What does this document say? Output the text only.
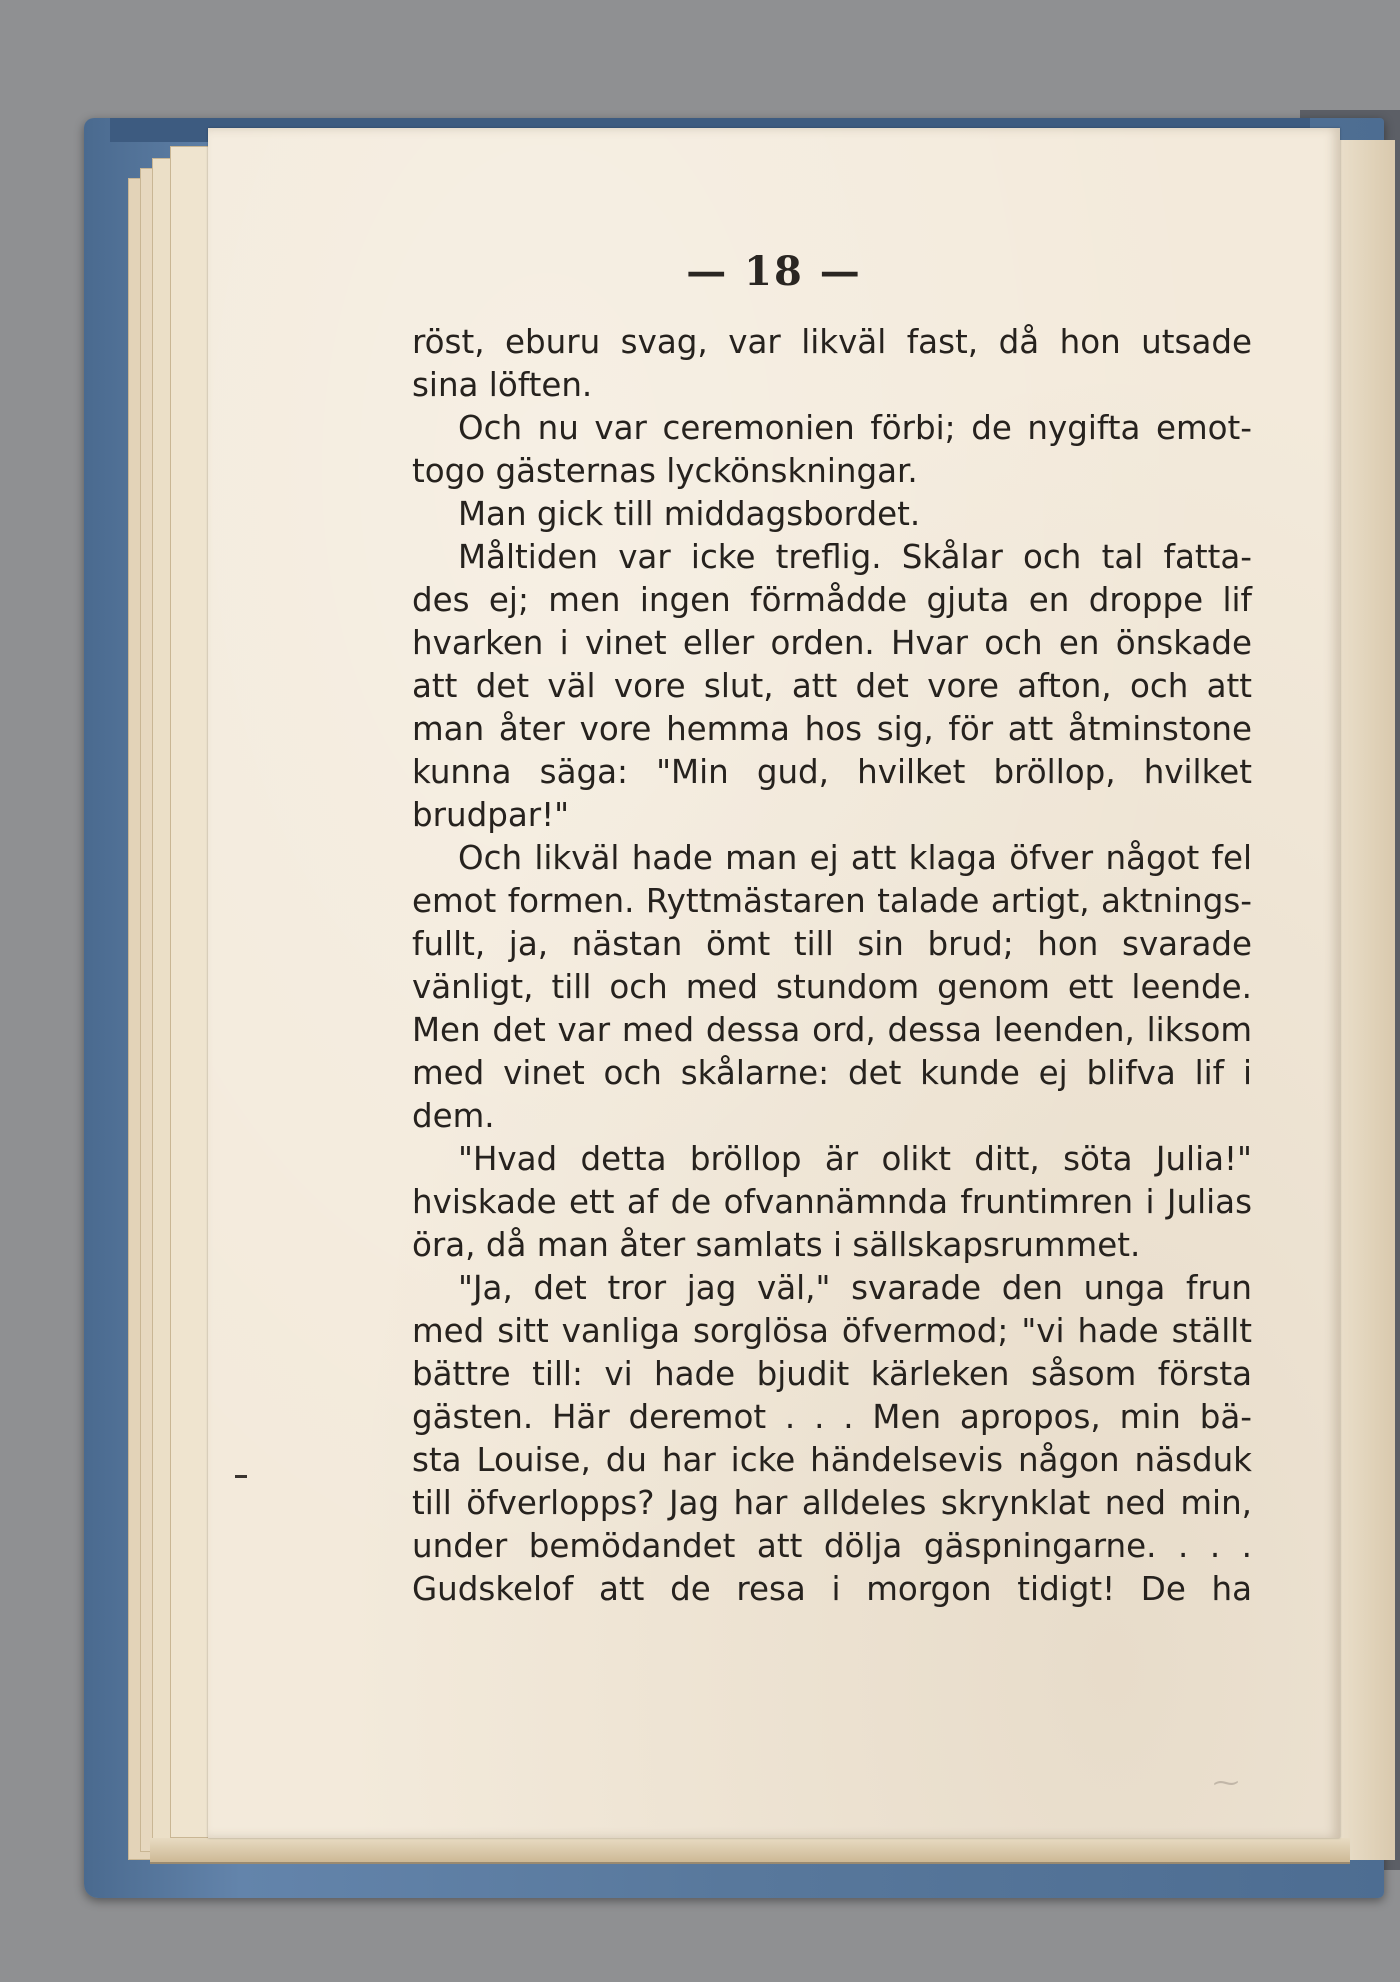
— 18 —
röst, eburu svag, var likväl fast, då hon utsade
sina löften.
Och nu var ceremonien förbi; de nygifta emot-
togo gästernas lyckönskningar.
Man gick till middagsbordet.
Måltiden var icke treflig. Skålar och tal fatta-
des ej; men ingen förmådde gjuta en droppe lif
hvarken i vinet eller orden. Hvar och en önskade
att det väl vore slut, att det vore afton, och att
man åter vore hemma hos sig, för att åtminstone
kunna säga: "Min gud, hvilket bröllop, hvilket
brudpar!"
Och likväl hade man ej att klaga öfver något fel
emot formen. Ryttmästaren talade artigt, aktnings-
fullt, ja, nästan ömt till sin brud; hon svarade
vänligt, till och med stundom genom ett leende.
Men det var med dessa ord, dessa leenden, liksom
med vinet och skålarne: det kunde ej blifva lif i
dem.
"Hvad detta bröllop är olikt ditt, söta Julia!"
hviskade ett af de ofvannämnda fruntimren i Julias
öra, då man åter samlats i sällskapsrummet.
"Ja, det tror jag väl," svarade den unga frun
med sitt vanliga sorglösa öfvermod; "vi hade ställt
bättre till: vi hade bjudit kärleken såsom första
gästen. Här deremot . . . Men apropos, min bä-
sta Louise, du har icke händelsevis någon näsduk
till öfverlopps? Jag har alldeles skrynklat ned min,
under bemödandet att dölja gäspningarne. . . .
Gudskelof att de resa i morgon tidigt! De ha
⁓
